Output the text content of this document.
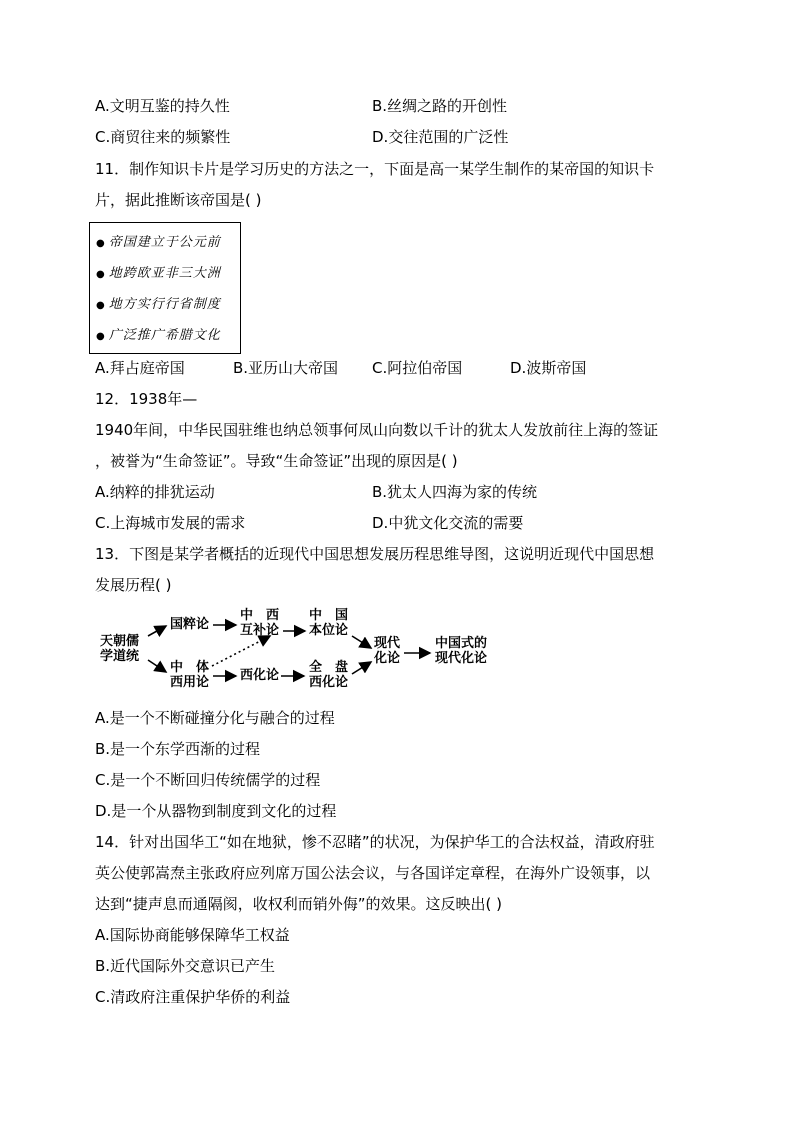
A.文明互鉴的持久性	B.丝绸之路的开创性
C.商贸往来的频繁性	D.交往范围的广泛性
11．制作知识卡片是学习历史的方法之一，下面是高一某学生制作的某帝国的知识卡
片，据此推断该帝国是( )
● 帝国建立于公元前
● 地跨欧亚非三大洲
● 地方实行行省制度
● 广泛推广希腊文化
A.拜占庭帝国	B.亚历山大帝国 C.阿拉伯帝国	D.波斯帝国
12．1938年—
1940年间，中华民国驻维也纳总领事何凤山向数以千计的犹太人发放前往上海的签证
，被誉为“生命签证”。导致“生命签证”出现的原因是( )
A.纳粹的排犹运动	B.犹太人四海为家的传统
C.上海城市发展的需求	D.中犹文化交流的需要
13．下图是某学者概括的近现代中国思想发展历程思维导图，这说明近现代中国思想
发展历程( )
天朝儒
学道统
国粹论
中　体
西用论
中　西
互补论
西化论
中　国
本位论
全　盘
西化论
现代
化论
中国式的
现代化论
A.是一个不断碰撞分化与融合的过程
B.是一个东学西渐的过程
C.是一个不断回归传统儒学的过程
D.是一个从器物到制度到文化的过程
14．针对出国华工“如在地狱，惨不忍睹”的状况，为保护华工的合法权益，清政府驻
英公使郭嵩焘主张政府应列席万国公法会议，与各国详定章程，在海外广设领事，以
达到“捷声息而通隔阂，收权利而销外侮”的效果。这反映出( )
A.国际协商能够保障华工权益
B.近代国际外交意识已产生
C.清政府注重保护华侨的利益
